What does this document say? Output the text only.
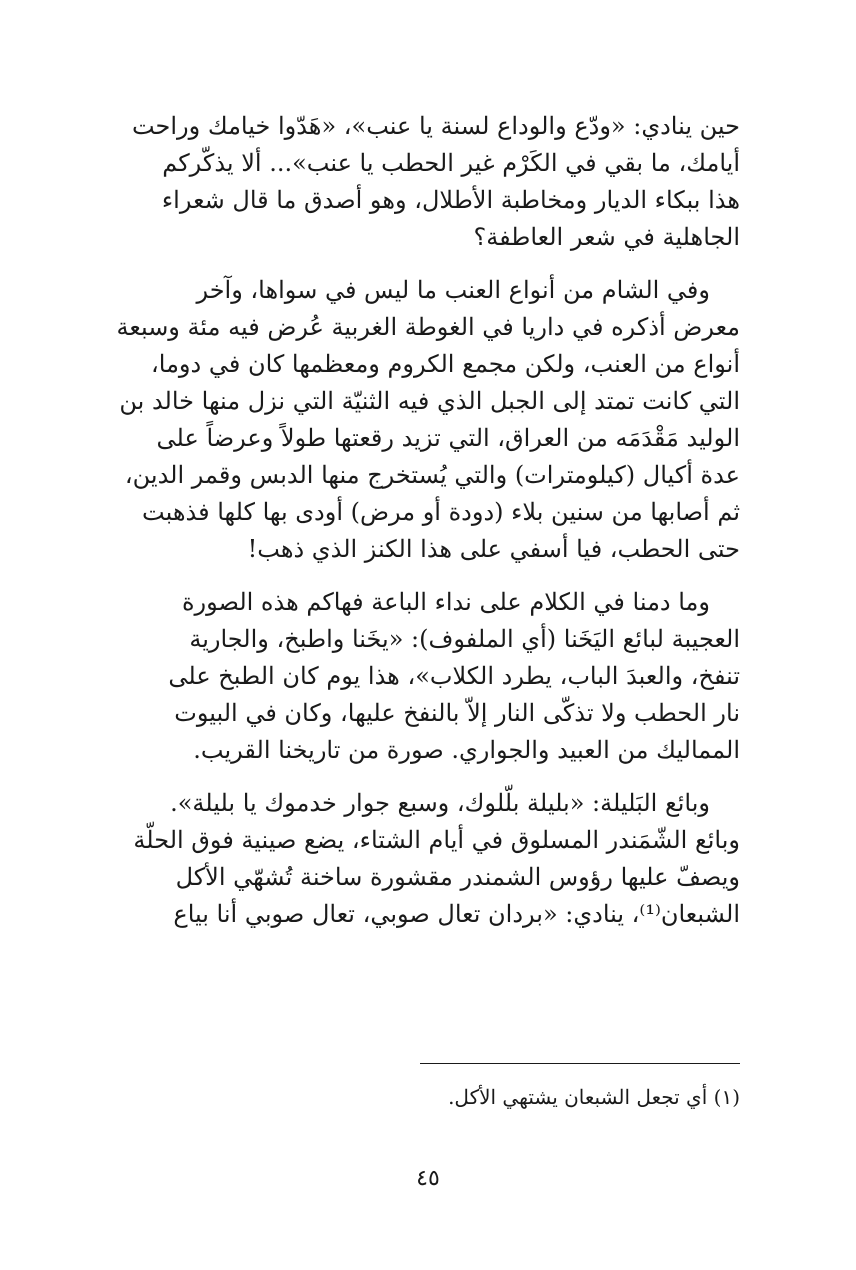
حين ينادي: «ودّع والوداع لسنة يا عنب»، «هَدّوا خيامك وراحت
أيامك، ما بقي في الكَرْم غير الحطب يا عنب»... ألا يذكّركم
هذا ببكاء الديار ومخاطبة الأطلال، وهو أصدق ما قال شعراء
الجاهلية في شعر العاطفة؟
وفي الشام من أنواع العنب ما ليس في سواها، وآخر
معرض أذكره في داريا في الغوطة الغربية عُرض فيه مئة وسبعة
أنواع من العنب، ولكن مجمع الكروم ومعظمها كان في دوما،
التي كانت تمتد إلى الجبل الذي فيه الثنيّة التي نزل منها خالد بن
الوليد مَقْدَمَه من العراق، التي تزيد رقعتها طولاً وعرضاً على
عدة أكيال (كيلومترات) والتي يُستخرج منها الدبس وقمر الدين،
ثم أصابها من سنين بلاء (دودة أو مرض) أودى بها كلها فذهبت
حتى الحطب، فيا أسفي على هذا الكنز الذي ذهب!
وما دمنا في الكلام على نداء الباعة فهاكم هذه الصورة
العجيبة لبائع اليَخَنا (أي الملفوف): «يخَنا واطبخ، والجارية
تنفخ، والعبدَ الباب، يطرد الكلاب»، هذا يوم كان الطبخ على
نار الحطب ولا تذكّى النار إلاّ بالنفخ عليها، وكان في البيوت
المماليك من العبيد والجواري. صورة من تاريخنا القريب.
وبائع البَليلة: «بليلة بلّلوك، وسبع جوار خدموك يا بليلة».
وبائع الشّمَندر المسلوق في أيام الشتاء، يضع صينية فوق الحلّة
ويصفّ عليها رؤوس الشمندر مقشورة ساخنة تُشهّي الأكل
الشبعان⁽¹⁾، ينادي: «بردان تعال صوبي، تعال صوبي أنا بياع
(١) أي تجعل الشبعان يشتهي الأكل.
٤٥
